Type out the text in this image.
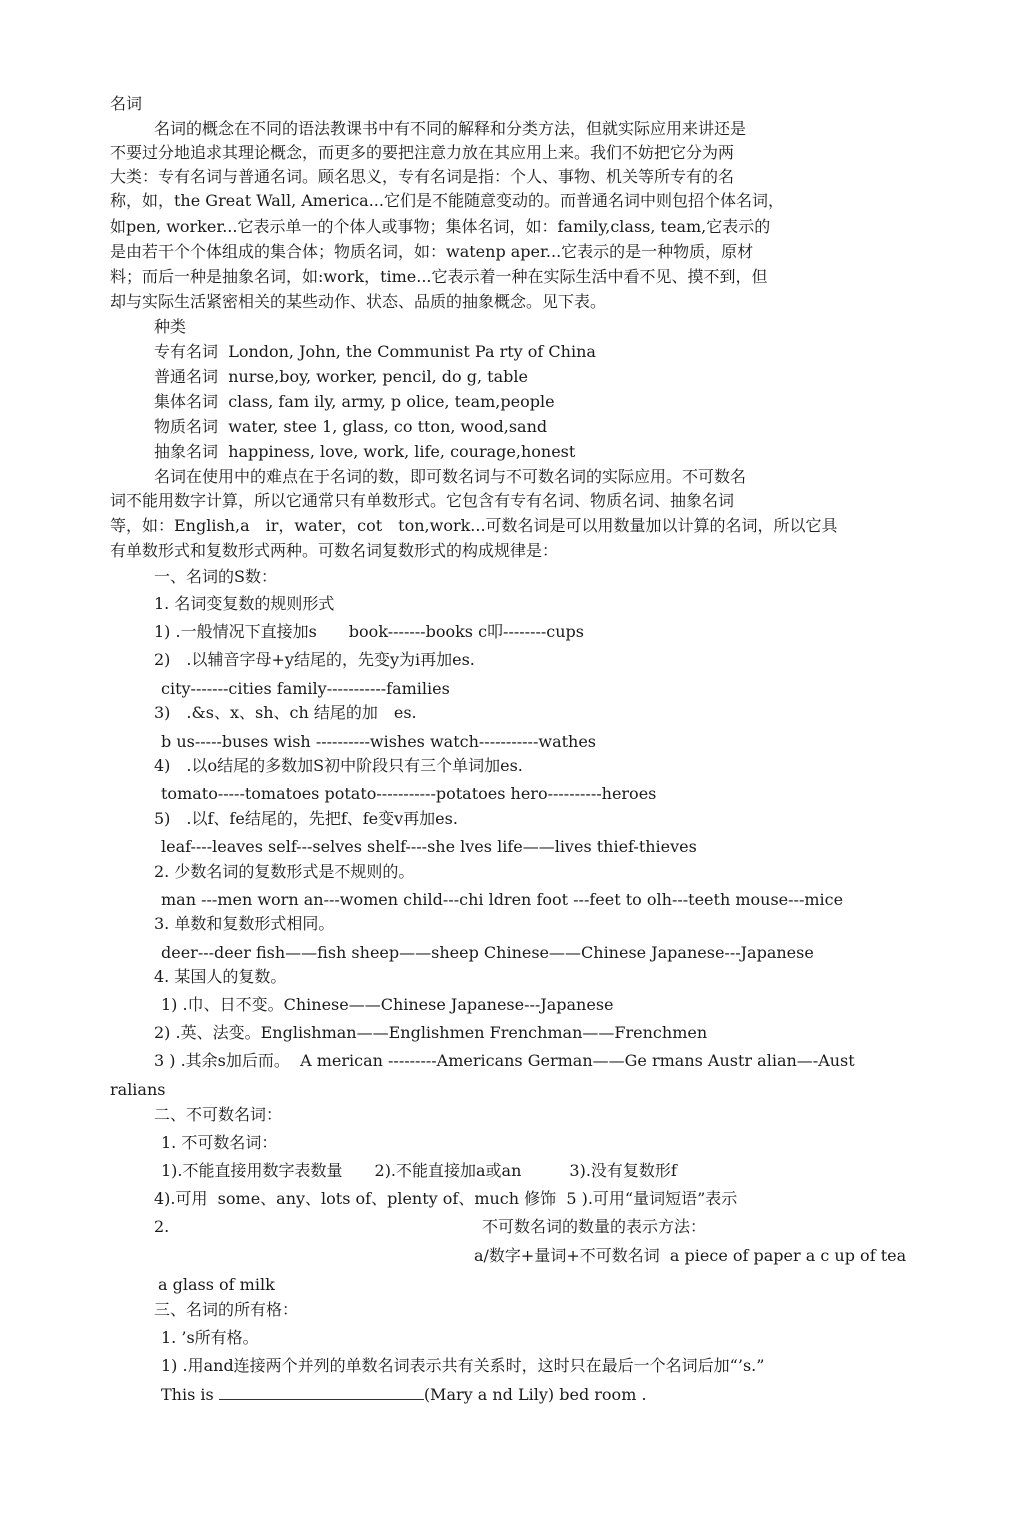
名词
名词的概念在不同的语法教课书中有不同的解释和分类方法，但就实际应用来讲还是
不要过分地追求其理论概念，而更多的要把注意力放在其应用上来。我们不妨把它分为两
大类：专有名词与普通名词。顾名思义，专有名词是指：个人、事物、机关等所专有的名
称，如，the Great Wall, America...它们是不能随意变动的。而普通名词中则包招个体名词，
如pen, worker...它表示单一的个体人或事物；集体名词，如：family,class, team,它表示的
是由若干个个体组成的集合体；物质名词，如：watenp aper...它表示的是一种物质，原材
料；而后一种是抽象名词，如:work，time...它表示着一种在实际生活中看不见、摸不到，但
却与实际生活紧密相关的某些动作、状态、品质的抽象概念。见下表。
种类
专有名词 London, John, the Communist Pa rty of China
普通名词 nurse,boy, worker, pencil, do g, table
集体名词 class, fam ily, army, p olice, team,people
物质名词 water, stee 1, glass, co tton, wood,sand
抽象名词 happiness, love, work, life, courage,honest
名词在使用中的难点在于名词的数，即可数名词与不可数名词的实际应用。不可数名
词不能用数字计算，所以它通常只有单数形式。它包含有专有名词、物质名词、抽象名词
等，如：English,a　ir，water，cot　ton,work...可数名词是可以用数量加以计算的名词，所以它具
有单数形式和复数形式两种。可数名词复数形式的构成规律是：
一、名词的S数：
1. 名词变复数的规则形式
1) .一般情况下直接加s　　book-------books c叩--------cups
2)　.以辅音字母+y结尾的，先变y为i再加es.
city-------cities family-----------families
3)　.&s、x、sh、ch 结尾的加　es.
b us-----buses wish ----------wishes watch-----------wathes
4)　.以o结尾的多数加S初中阶段只有三个单词加es.
tomato-----tomatoes potato-----------potatoes hero----------heroes
5)　.以f、fe结尾的，先把f、fe变v再加es.
leaf----leaves self---selves shelf----she lves life——lives thief-thieves
2. 少数名词的复数形式是不规则的。
man ---men worn an---women child---chi ldren foot ---feet to olh---teeth mouse---mice
3. 单数和复数形式相同。
deer---deer fish——fish sheep——sheep Chinese——Chinese Japanese---Japanese
4. 某国人的复数。
1) .巾、日不变。Chinese——Chinese Japanese---Japanese
2) .英、法变。Englishman——Englishmen Frenchman——Frenchmen
3 ) .其余s加后而。  A merican ---------Americans German——Ge rmans Austr alian—-Aust
ralians
二、不可数名词：
1. 不可数名词：
1).不能直接用数字表数量　　2).不能直接加a或an　　　3).没有复数形f
4).可用  some、any、lots of、plenty of、much 修饰  5 ).可用“量词短语”表示
2.	不可数名词的数量的表示方法：
a/数字+量词+不可数名词  a piece of paper a c up of tea
a glass of milk
三、名词的所有格：
1. ’s所有格。
1) .用and连接两个并列的单数名词表示共有关系时，这时只在最后一个名词后加“’s.”
This is	(Mary a nd Lily) bed room .
